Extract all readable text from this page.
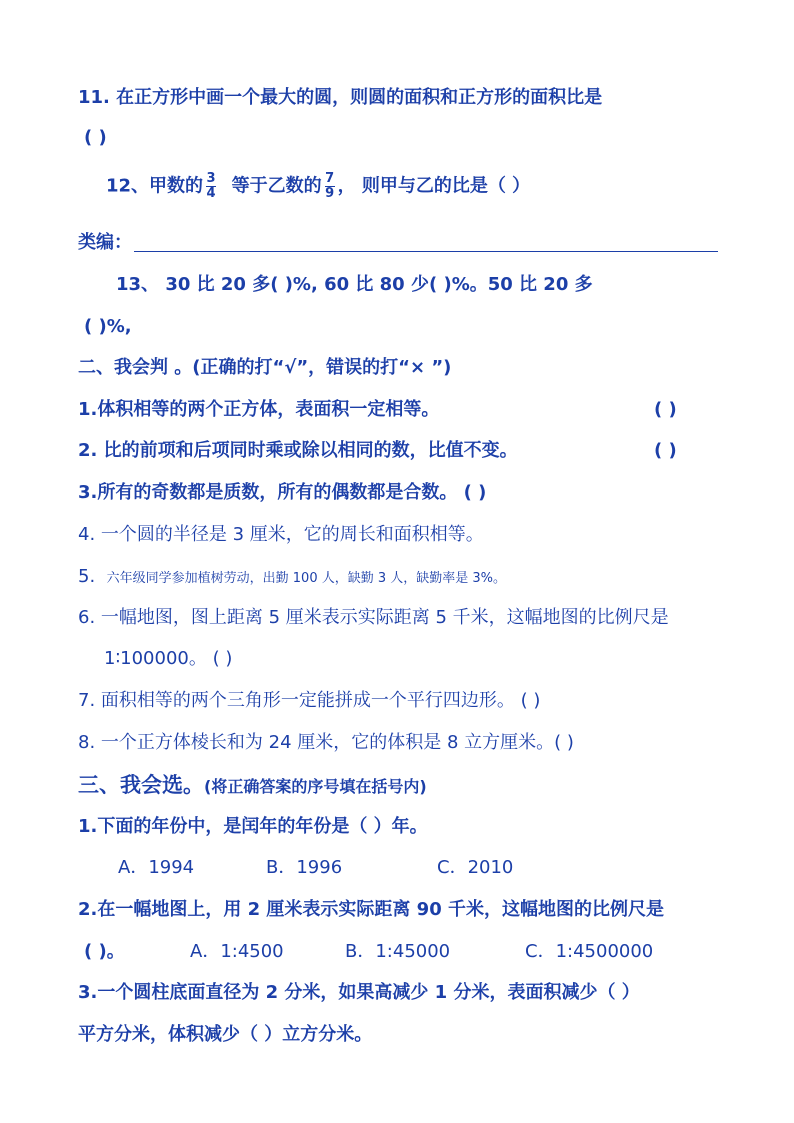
11. 在正方形中画一个最大的圆，则圆的面积和正方形的面积比是
( )
12、甲数的 $\frac{3}{4}$ 等于乙数的 $\frac{7}{9}$ ， 则甲与乙的比是（ ）
类编：
13、 30 比 20 多( )%, 60 比 80 少( )%。50 比 20 多
( )%,
二、我会判 。(正确的打“√”，错误的打“× ”)
1.体积相等的两个正方体，表面积一定相等。	( )
2. 比的前项和后项同时乘或除以相同的数，比值不变。	( )
3.所有的奇数都是质数，所有的偶数都是合数。 ( )
4. 一个圆的半径是 3 厘米，它的周长和面积相等。
5. 六年级同学参加植树劳动，出勤 100 人，缺勤 3 人，缺勤率是 3%。
6. 一幅地图，图上距离 5 厘米表示实际距离 5 千米，这幅地图的比例尺是
1∶100000。 ( )
7. 面积相等的两个三角形一定能拼成一个平行四边形。 ( )
8. 一个正方体棱长和为 24 厘米，它的体积是 8 立方厘米。( )
三、我会选。(将正确答案的序号填在括号内)
1.下面的年份中，是闰年的年份是（ ）年。
A．1994	B．1996	C．2010
2.在一幅地图上，用 2 厘米表示实际距离 90 千米，这幅地图的比例尺是
( )。	A．1:4500	B．1:45000	C．1:4500000
3.一个圆柱底面直径为 2 分米，如果高减少 1 分米，表面积减少（ ）
平方分米，体积减少（ ）立方分米。
